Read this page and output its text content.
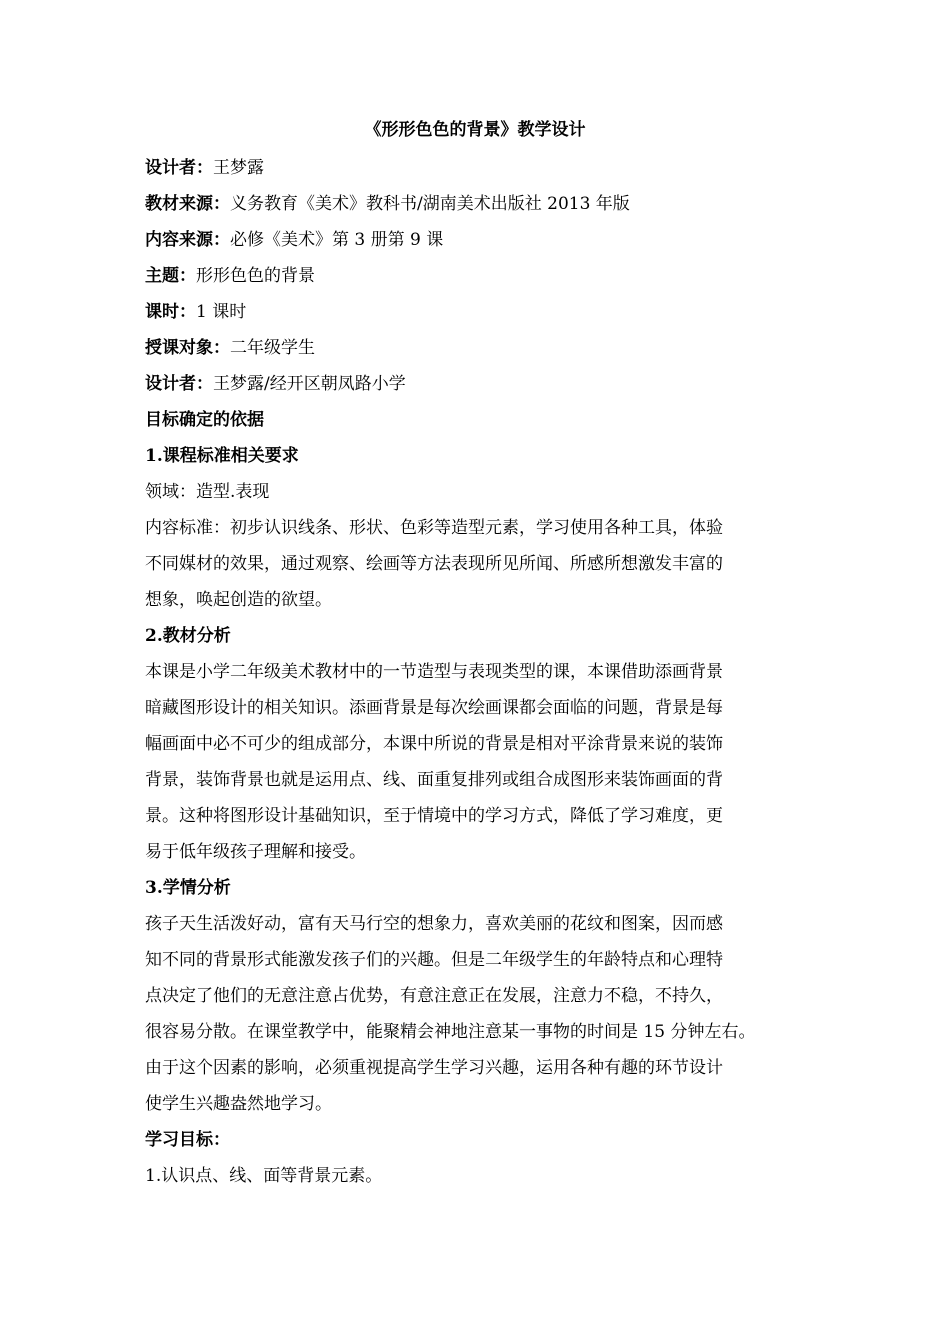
《形形色色的背景》教学设计
设计者：王梦露
教材来源：义务教育《美术》教科书/湖南美术出版社 2013 年版
内容来源：必修《美术》第 3 册第 9 课
主题：形形色色的背景
课时：1 课时
授课对象：二年级学生
设计者：王梦露/经开区朝凤路小学
目标确定的依据
1.课程标准相关要求
领域：造型.表现
内容标准：初步认识线条、形状、色彩等造型元素，学习使用各种工具，体验
不同媒材的效果，通过观察、绘画等方法表现所见所闻、所感所想激发丰富的
想象，唤起创造的欲望。
2.教材分析
本课是小学二年级美术教材中的一节造型与表现类型的课，本课借助添画背景
暗藏图形设计的相关知识。添画背景是每次绘画课都会面临的问题，背景是每
幅画面中必不可少的组成部分，本课中所说的背景是相对平涂背景来说的装饰
背景，装饰背景也就是运用点、线、面重复排列或组合成图形来装饰画面的背
景。这种将图形设计基础知识，至于情境中的学习方式，降低了学习难度，更
易于低年级孩子理解和接受。
3.学情分析
孩子天生活泼好动，富有天马行空的想象力，喜欢美丽的花纹和图案，因而感
知不同的背景形式能激发孩子们的兴趣。但是二年级学生的年龄特点和心理特
点决定了他们的无意注意占优势，有意注意正在发展，注意力不稳，不持久，
很容易分散。在课堂教学中，能聚精会神地注意某一事物的时间是 15 分钟左右。
由于这个因素的影响，必须重视提高学生学习兴趣，运用各种有趣的环节设计
使学生兴趣盎然地学习。
学习目标：
1.认识点、线、面等背景元素。
